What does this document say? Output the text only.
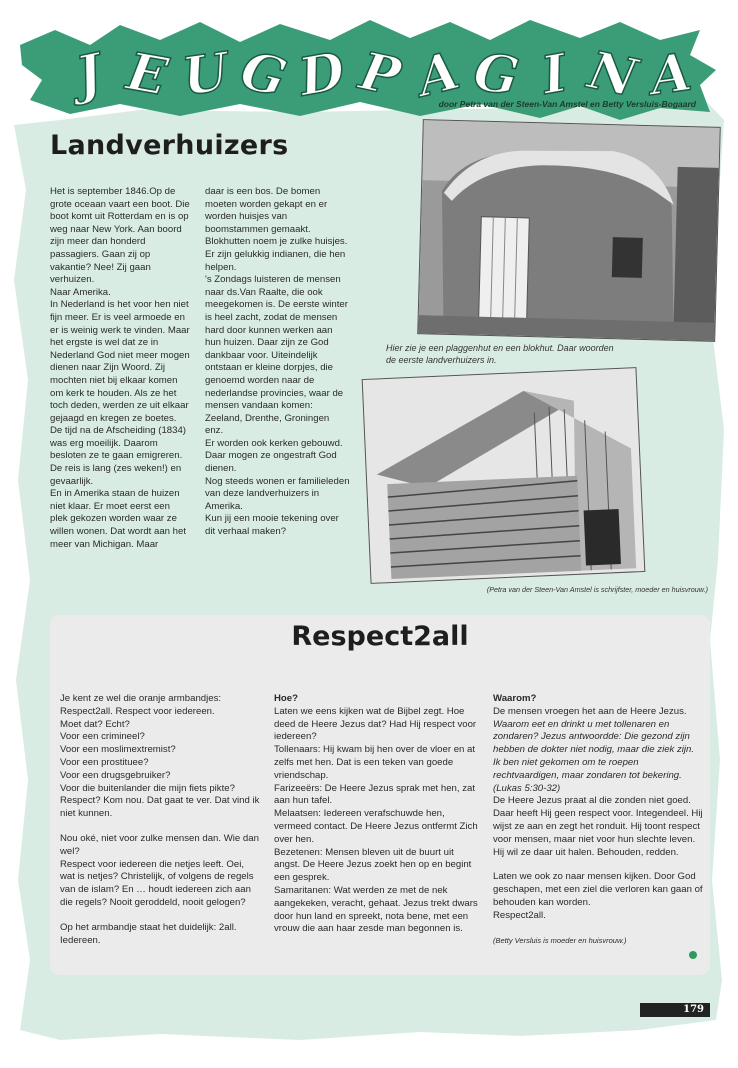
J E U G D P A G I N A
door Petra van der Steen-Van Amstel en Betty Versluis-Bogaard
Landverhuizers

Het is september 1846.Op de grote oceaan vaart een boot. Die boot komt uit Rotterdam en is op weg naar New York. Aan boord zijn meer dan honderd passagiers. Gaan zij op vakantie? Nee! Zij gaan verhuizen.

Naar Amerika.

In Nederland is het voor hen niet fijn meer. Er is veel armoede en er is weinig werk te vinden. Maar het ergste is wel dat ze in Nederland God niet meer mogen dienen naar Zijn Woord. Zij mochten niet bij elkaar komen om kerk te houden. Als ze het toch deden, werden ze uit elkaar gejaagd en kregen ze boetes. De tijd na de Afscheiding (1834) was erg moeilijk. Daarom besloten ze te gaan emigreren. De reis is lang (zes weken!) en gevaarlijk.

En in Amerika staan de huizen niet klaar. Er moet eerst een plek gekozen worden waar ze willen wonen. Dat wordt aan het meer van Michigan. Maar

daar is een bos. De bomen moeten worden gekapt en er worden huisjes van boomstammen gemaakt. Blokhutten noem je zulke huisjes. Er zijn gelukkig indianen, die hen helpen.

's Zondags luisteren de mensen naar ds.Van Raalte, die ook meegekomen is. De eerste winter is heel zacht, zodat de mensen hard door kunnen werken aan hun huizen. Daar zijn ze God dankbaar voor. Uiteindelijk ontstaan er kleine dorpjes, die genoemd worden naar de nederlandse provincies, waar de mensen vandaan komen: Zeeland, Drenthe, Groningen enz.

Er worden ook kerken gebouwd. Daar mogen ze ongestraft God dienen.

Nog steeds wonen er familieleden van deze landverhuizers in Amerika.

Kun jij een mooie tekening over dit verhaal maken?

Hier zie je een plaggenhut en een blokhut. Daar woorden de eerste landverhuizers in.
(Petra van der Steen-Van Amstel is schrijfster, moeder en huisvrouw.)
Respect2all

Je kent ze wel die oranje armbandjes: Respect2all. Respect voor iedereen.

Moet dat? Echt?

Voor een crimineel?

Voor een moslimextremist?

Voor een prostituee?

Voor een drugsgebruiker?

Voor die buitenlander die mijn fiets pikte?

Respect? Kom nou. Dat gaat te ver. Dat vind ik niet kunnen.

Nou oké, niet voor zulke mensen dan. Wie dan wel?

Respect voor iedereen die netjes leeft. Oei, wat is netjes? Christelijk, of volgens de regels van de islam? En … houdt iedereen zich aan die regels? Nooit geroddeld, nooit gelogen?

Op het armbandje staat het duidelijk: 2all. Iedereen.

Hoe?

Laten we eens kijken wat de Bijbel zegt. Hoe deed de Heere Jezus dat? Had Hij respect voor iedereen?

Tollenaars: Hij kwam bij hen over de vloer en at zelfs met hen. Dat is een teken van goede vriendschap.

Farizeeërs: De Heere Jezus sprak met hen, zat aan hun tafel.

Melaatsen: Iedereen verafschuwde hen, vermeed contact. De Heere Jezus ontfermt Zich over hen.

Bezetenen: Mensen bleven uit de buurt uit angst. De Heere Jezus zoekt hen op en begint een gesprek.

Samaritanen: Wat werden ze met de nek aangekeken, veracht, gehaat. Jezus trekt dwars door hun land en spreekt, nota bene, met een vrouw die aan haar zesde man begonnen is.

Waarom?

De mensen vroegen het aan de Heere Jezus.

Waarom eet en drinkt u met tollenaren en zondaren? Jezus antwoordde: Die gezond zijn hebben de dokter niet nodig, maar die ziek zijn. Ik ben niet gekomen om te roepen rechtvaardigen, maar zondaren tot bekering. (Lukas 5:30-32)

De Heere Jezus praat al die zonden niet goed. Daar heeft Hij geen respect voor. Integendeel. Hij wijst ze aan en zegt het ronduit. Hij toont respect voor mensen, maar niet voor hun slechte leven. Hij wil ze daar uit halen. Behouden, redden.

Laten we ook zo naar mensen kijken. Door God geschapen, met een ziel die verloren kan gaan of behouden kan worden.

Respect2all.

(Betty Versluis is moeder en huisvrouw.)

179
